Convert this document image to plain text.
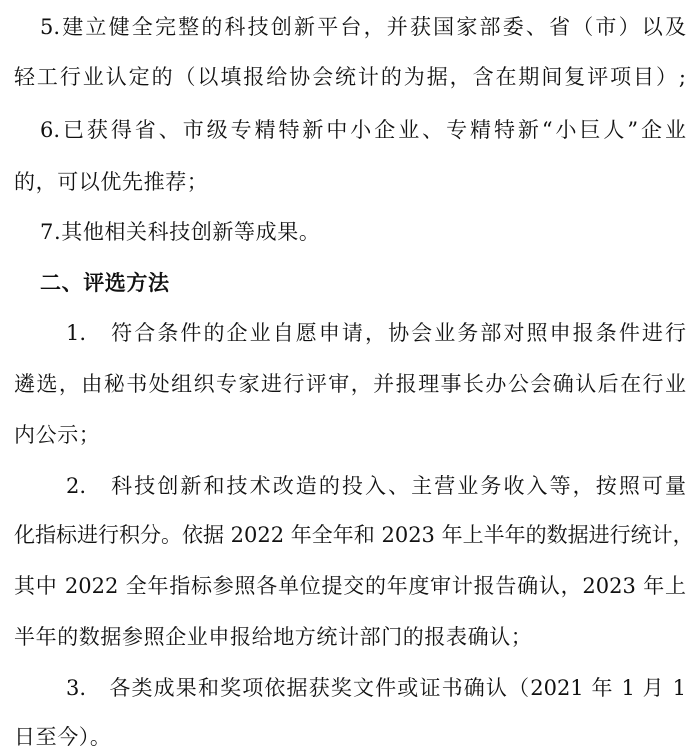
5.建立健全完整的科技创新平台，并获国家部委、省（市）以及
轻工行业认定的（以填报给协会统计的为据，含在期间复评项目）;
6.已获得省、市级专精特新中小企业、专精特新“小巨人”企业
的，可以优先推荐；
7.其他相关科技创新等成果。
二、评选方法
1.　符合条件的企业自愿申请，协会业务部对照申报条件进行
遴选，由秘书处组织专家进行评审，并报理事长办公会确认后在行业
内公示；
2.　科技创新和技术改造的投入、主营业务收入等，按照可量
化指标进行积分。依据 2022 年全年和 2023 年上半年的数据进行统计，
其中 2022 全年指标参照各单位提交的年度审计报告确认，2023 年上
半年的数据参照企业申报给地方统计部门的报表确认；
3.　各类成果和奖项依据获奖文件或证书确认（2021 年 1 月 1
日至今）。
